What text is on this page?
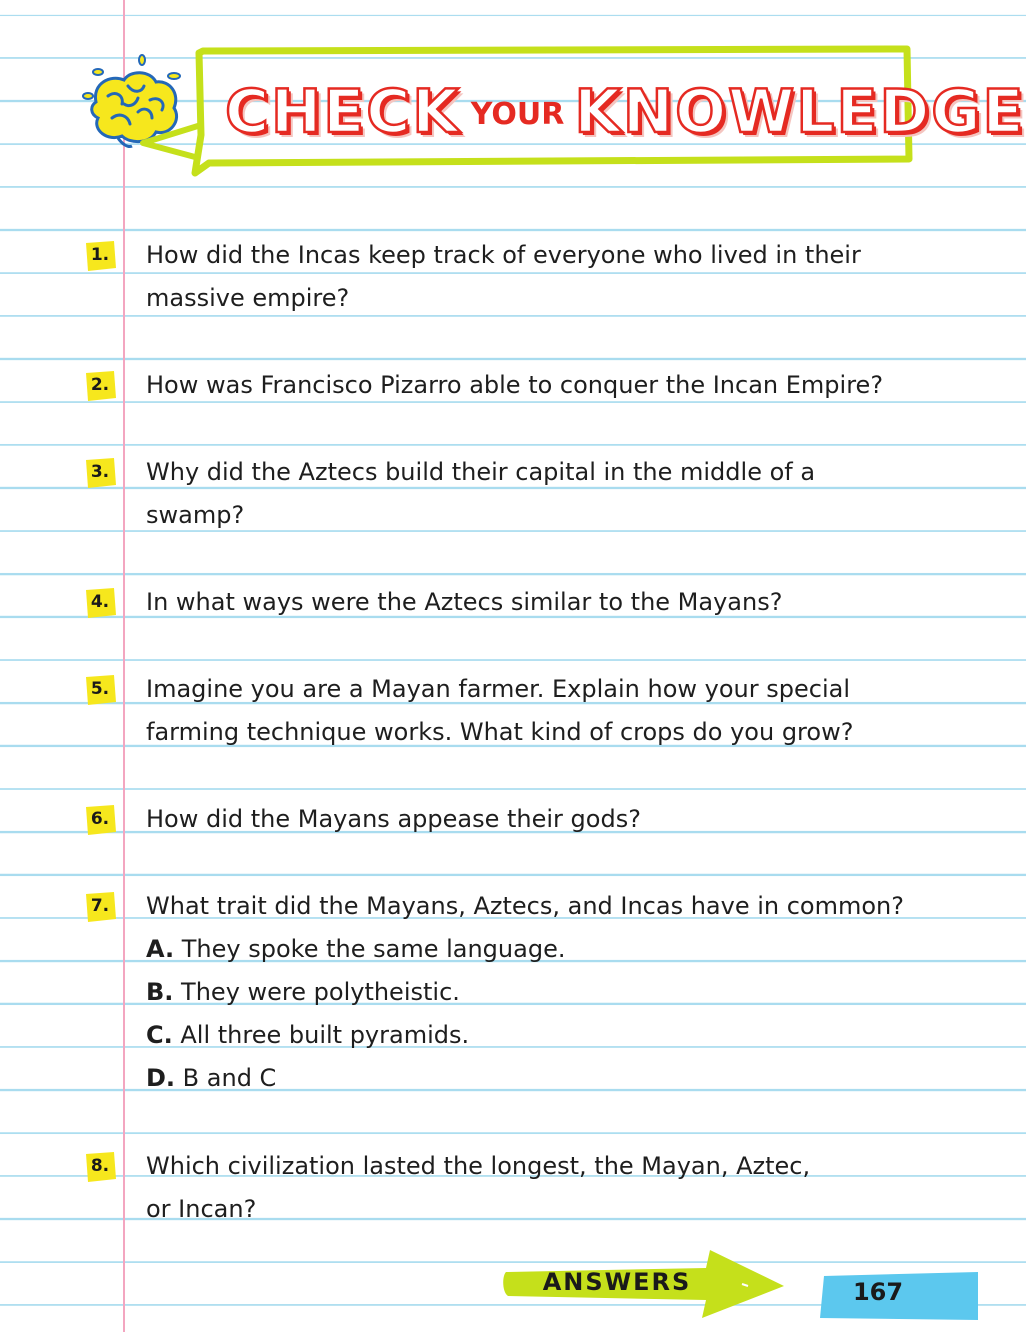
CHECK YOUR KNOWLEDGE
1. How did the Incas keep track of everyone who lived in their
massive empire?
2. How was Francisco Pizarro able to conquer the Incan Empire?
3. Why did the Aztecs build their capital in the middle of a
swamp?
4. In what ways were the Aztecs similar to the Mayans?
5. Imagine you are a Mayan farmer. Explain how your special
farming technique works. What kind of crops do you grow?
6. How did the Mayans appease their gods?
7. What trait did the Mayans, Aztecs, and Incas have in common?
A. They spoke the same language.
B. They were polytheistic.
C. All three built pyramids.
D. B and C
8. Which civilization lasted the longest, the Mayan, Aztec,
or Incan?
ANSWERS	167
